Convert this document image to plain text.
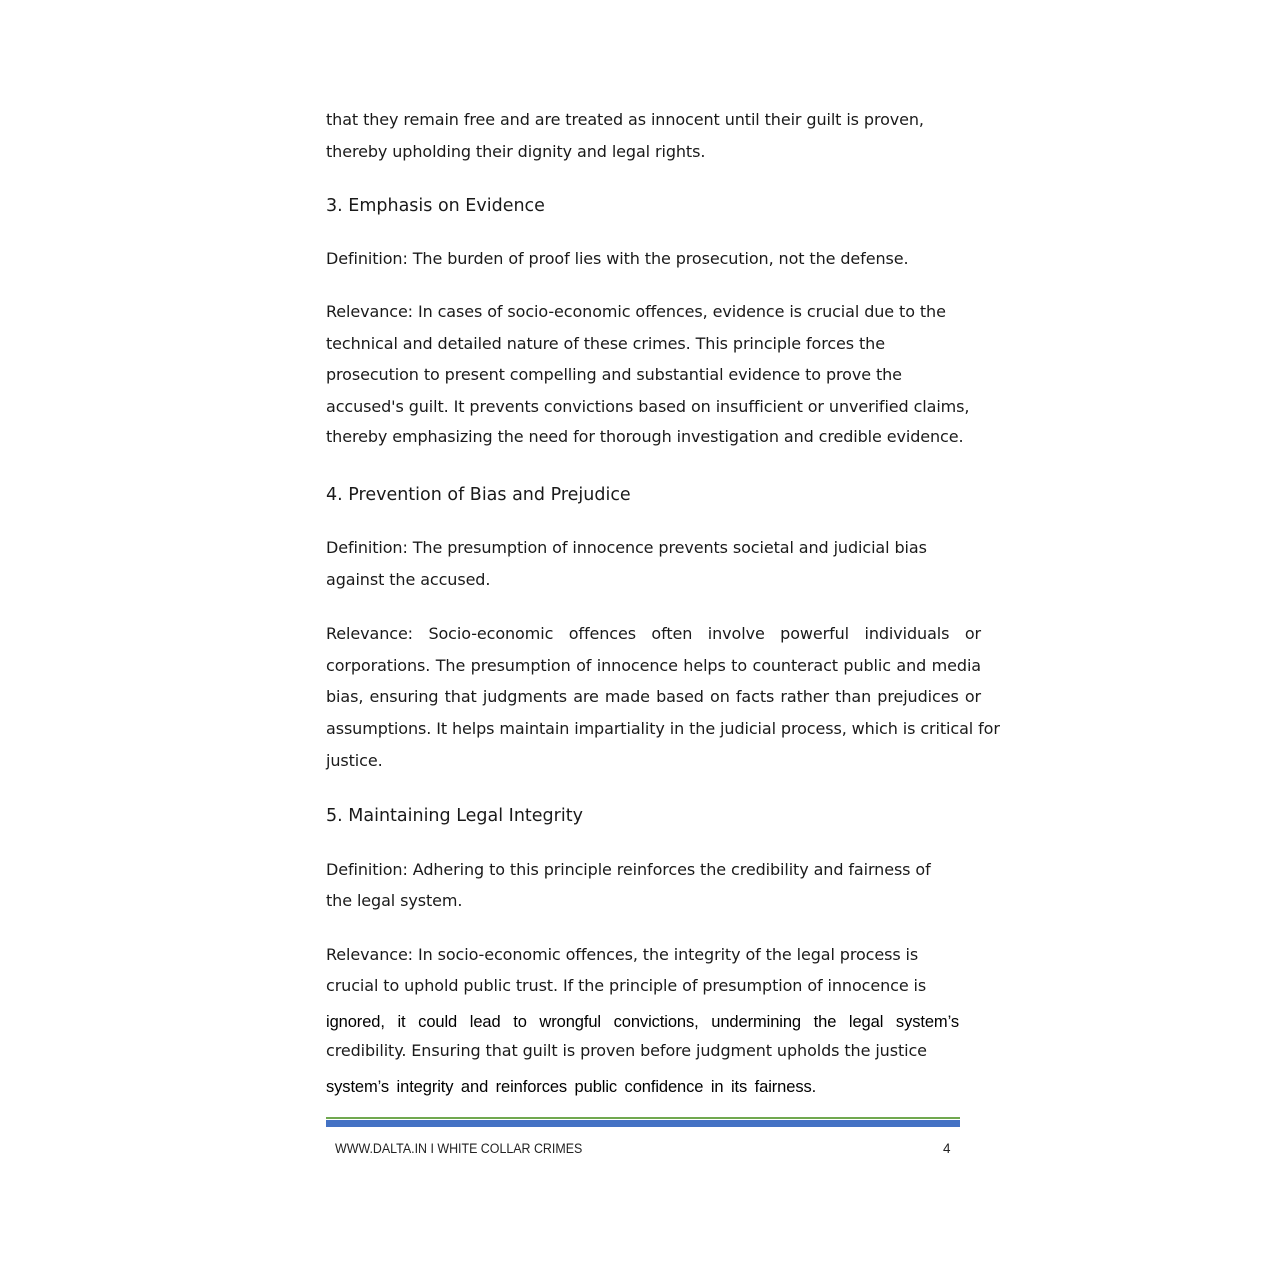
that they remain free and are treated as innocent until their guilt is proven,
thereby upholding their dignity and legal rights.
3. Emphasis on Evidence
Definition: The burden of proof lies with the prosecution, not the defense.
Relevance: In cases of socio-economic offences, evidence is crucial due to the
technical and detailed nature of these crimes. This principle forces the
prosecution to present compelling and substantial evidence to prove the
accused's guilt. It prevents convictions based on insufficient or unverified claims,
thereby emphasizing the need for thorough investigation and credible evidence.
4. Prevention of Bias and Prejudice
Definition: The presumption of innocence prevents societal and judicial bias
against the accused.
Relevance: Socio-economic offences often involve powerful individuals or
corporations. The presumption of innocence helps to counteract public and media
bias, ensuring that judgments are made based on facts rather than prejudices or
assumptions. It helps maintain impartiality in the judicial process, which is critical for
justice.
5. Maintaining Legal Integrity
Definition: Adhering to this principle reinforces the credibility and fairness of
the legal system.
Relevance: In socio-economic offences, the integrity of the legal process is
crucial to uphold public trust. If the principle of presumption of innocence is
ignored, it could lead to wrongful convictions, undermining the legal system’s
credibility. Ensuring that guilt is proven before judgment upholds the justice
system’s integrity and reinforces public confidence in its fairness.
WWW.DALTA.IN I WHITE COLLAR CRIMES	4
